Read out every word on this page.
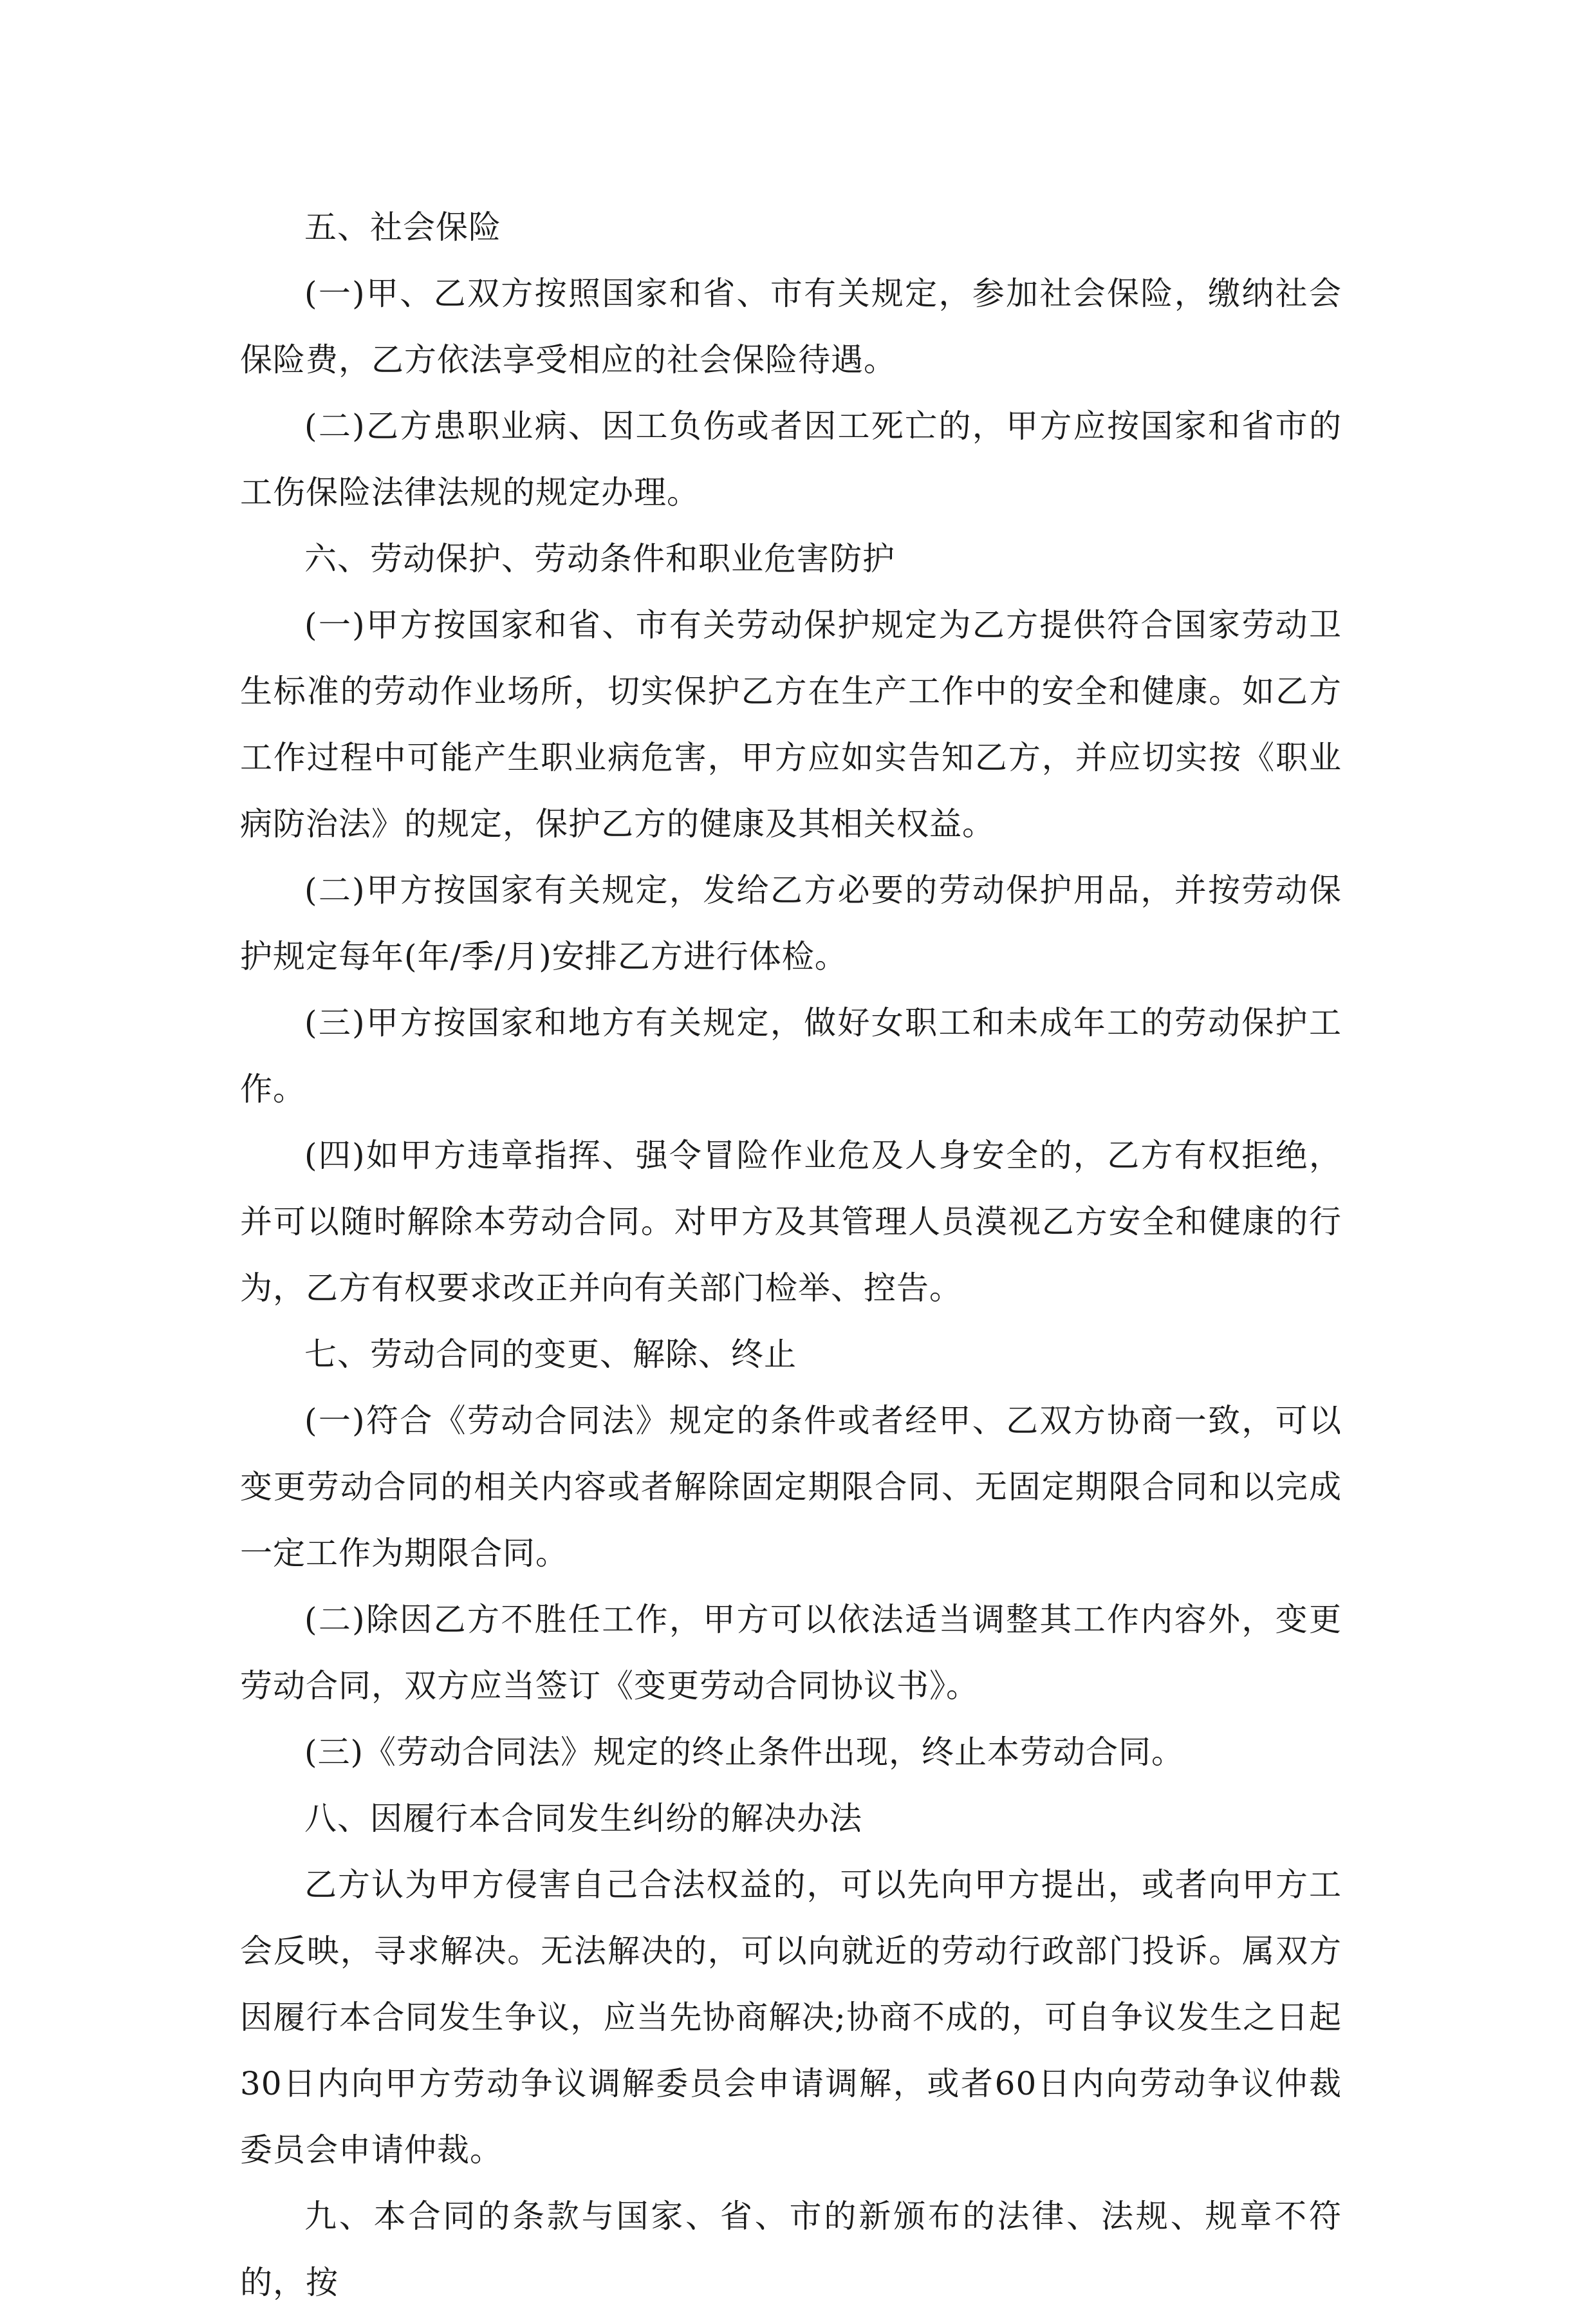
五、社会保险

(一)甲、乙双方按照国家和省、市有关规定，参加社会保险，缴纳社会保险费，乙方依法享受相应的社会保险待遇。

(二)乙方患职业病、因工负伤或者因工死亡的，甲方应按国家和省市的工伤保险法律法规的规定办理。

六、劳动保护、劳动条件和职业危害防护

(一)甲方按国家和省、市有关劳动保护规定为乙方提供符合国家劳动卫生标准的劳动作业场所，切实保护乙方在生产工作中的安全和健康。如乙方工作过程中可能产生职业病危害，甲方应如实告知乙方，并应切实按《职业病防治法》的规定，保护乙方的健康及其相关权益。

(二)甲方按国家有关规定，发给乙方必要的劳动保护用品，并按劳动保护规定每年(年/季/月)安排乙方进行体检。

(三)甲方按国家和地方有关规定，做好女职工和未成年工的劳动保护工作。

(四)如甲方违章指挥、强令冒险作业危及人身安全的，乙方有权拒绝，并可以随时解除本劳动合同。对甲方及其管理人员漠视乙方安全和健康的行为，乙方有权要求改正并向有关部门检举、控告。

七、劳动合同的变更、解除、终止

(一)符合《劳动合同法》规定的条件或者经甲、乙双方协商一致，可以变更劳动合同的相关内容或者解除固定期限合同、无固定期限合同和以完成一定工作为期限合同。

(二)除因乙方不胜任工作，甲方可以依法适当调整其工作内容外，变更劳动合同，双方应当签订《变更劳动合同协议书》。

(三)《劳动合同法》规定的终止条件出现，终止本劳动合同。

八、因履行本合同发生纠纷的解决办法

乙方认为甲方侵害自己合法权益的，可以先向甲方提出，或者向甲方工会反映，寻求解决。无法解决的，可以向就近的劳动行政部门投诉。属双方因履行本合同发生争议，应当先协商解决;协商不成的，可自争议发生之日起30日内向甲方劳动争议调解委员会申请调解，或者60日内向劳动争议仲裁委员会申请仲裁。

九、本合同的条款与国家、省、市的新颁布的法律、法规、规章不符的，按
